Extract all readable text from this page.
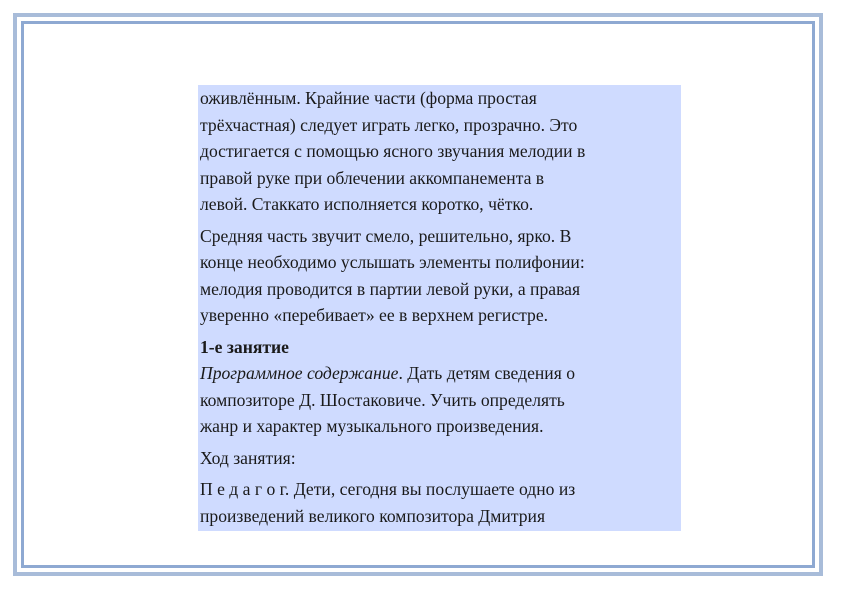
оживлённым. Крайние части (форма простая

трёхчастная) следует играть легко, прозрачно. Это

достигается с помощью ясного звучания мелодии в

правой руке при облечении аккомпанемента в

левой. Стаккато исполняется коротко, чётко.

Средняя часть звучит смело, решительно, ярко. В

конце необходимо услышать элементы полифонии:

мелодия проводится в партии левой руки, а правая

уверенно «перебивает» ее в верхнем регистре.

1-е занятие

Программное содержание. Дать детям сведения о

композиторе Д. Шостаковиче. Учить определять

жанр и характер музыкального произведения.

Ход занятия:

П е д а г о г. Дети, сегодня вы послушаете одно из

произведений великого композитора Дмитрия
